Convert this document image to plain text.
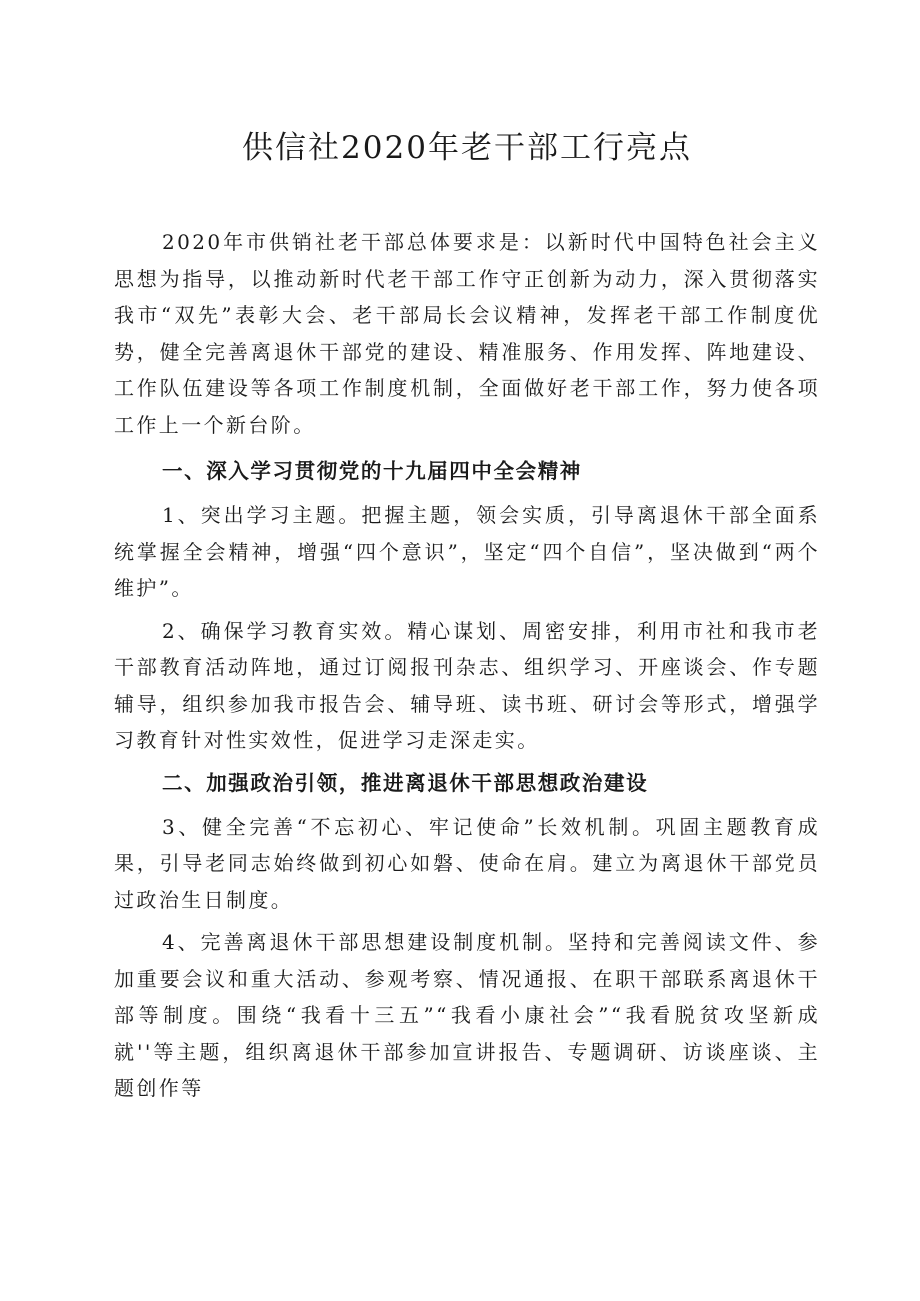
供信社2020年老干部工行亮点

2020年市供销社老干部总体要求是：以新时代中国特色社会主义思想为指导，以推动新时代老干部工作守正创新为动力，深入贯彻落实我市“双先”表彰大会、老干部局长会议精神，发挥老干部工作制度优势，健全完善离退休干部党的建设、精准服务、作用发挥、阵地建设、工作队伍建设等各项工作制度机制，全面做好老干部工作，努力使各项工作上一个新台阶。

一、深入学习贯彻党的十九届四中全会精神

1、突出学习主题。把握主题，领会实质，引导离退休干部全面系统掌握全会精神，增强“四个意识”，坚定“四个自信”，坚决做到“两个维护”。

2、确保学习教育实效。精心谋划、周密安排，利用市社和我市老干部教育活动阵地，通过订阅报刊杂志、组织学习、开座谈会、作专题辅导，组织参加我市报告会、辅导班、读书班、研讨会等形式，增强学习教育针对性实效性，促进学习走深走实。

二、加强政治引领，推进离退休干部思想政治建设

3、健全完善“不忘初心、牢记使命”长效机制。巩固主题教育成果，引导老同志始终做到初心如磐、使命在肩。建立为离退休干部党员过政治生日制度。

4、完善离退休干部思想建设制度机制。坚持和完善阅读文件、参加重要会议和重大活动、参观考察、情况通报、在职干部联系离退休干部等制度。围绕“我看十三五”“我看小康社会”“我看脱贫攻坚新成就''等主题，组织离退休干部参加宣讲报告、专题调研、访谈座谈、主题创作等
